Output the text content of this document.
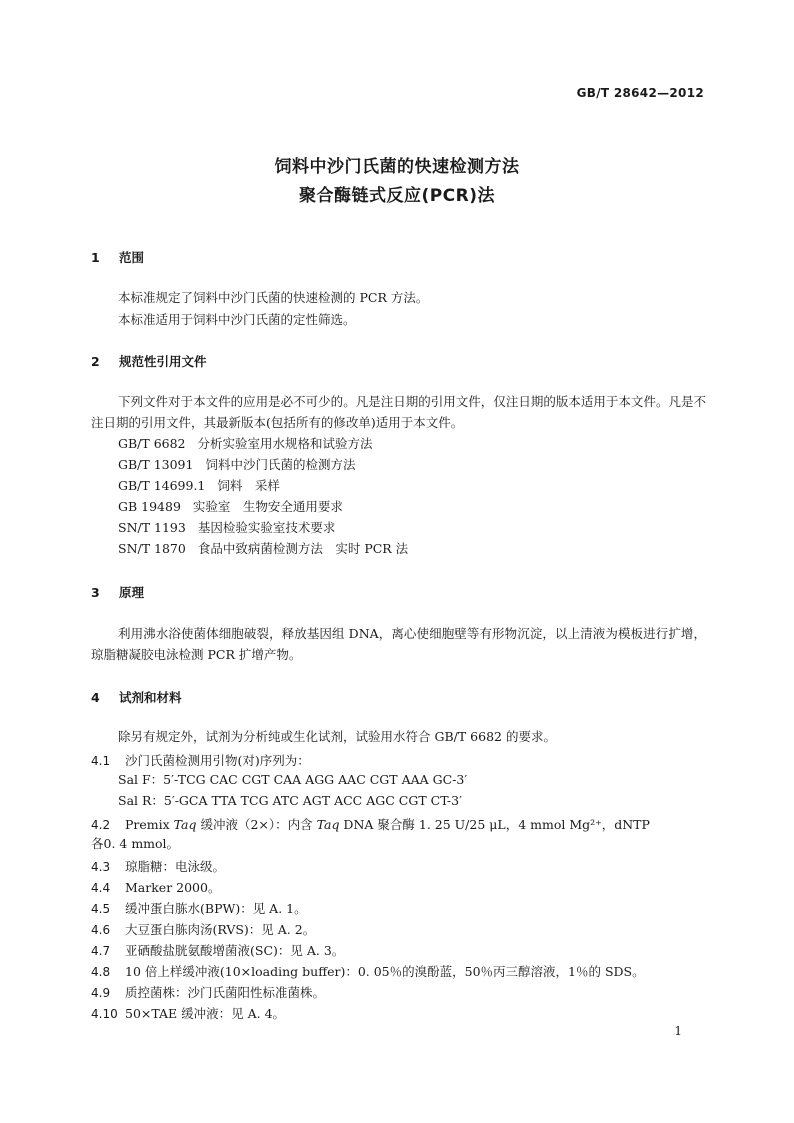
GB/T 28642—2012
饲料中沙门氏菌的快速检测方法
聚合酶链式反应(PCR)法
1 范围
本标准规定了饲料中沙门氏菌的快速检测的 PCR 方法。
本标准适用于饲料中沙门氏菌的定性筛选。
2 规范性引用文件
下列文件对于本文件的应用是必不可少的。凡是注日期的引用文件，仅注日期的版本适用于本文件。凡是不注日期的引用文件，其最新版本(包括所有的修改单)适用于本文件。
GB/T 6682 分析实验室用水规格和试验方法
GB/T 13091 饲料中沙门氏菌的检测方法
GB/T 14699.1 饲料　采样
GB 19489 实验室　生物安全通用要求
SN/T 1193 基因检验实验室技术要求
SN/T 1870 食品中致病菌检测方法　实时 PCR 法
3 原理
利用沸水浴使菌体细胞破裂，释放基因组 DNA，离心使细胞壁等有形物沉淀，以上清液为模板进行扩增，琼脂糖凝胶电泳检测 PCR 扩增产物。
4 试剂和材料
除另有规定外，试剂为分析纯或生化试剂，试验用水符合 GB/T 6682 的要求。
4.1 沙门氏菌检测用引物(对)序列为：
Sal F：5′-TCG CAC CGT CAA AGG AAC CGT AAA GC-3′
Sal R：5′-GCA TTA TCG ATC AGT ACC AGC CGT CT-3′
4.2 Premix Taq 缓冲液（2×）：内含 Taq DNA 聚合酶 1. 25 U/25 μL，4 mmol Mg²⁺，dNTP
各0. 4 mmol。
4.3 琼脂糖：电泳级。
4.4 Marker 2000。
4.5 缓冲蛋白胨水(BPW)：见 A. 1。
4.6 大豆蛋白胨肉汤(RVS)：见 A. 2。
4.7 亚硒酸盐胱氨酸增菌液(SC)：见 A. 3。
4.8 10 倍上样缓冲液(10×loading buffer)：0. 05％的溴酚蓝，50％丙三醇溶液，1％的 SDS。
4.9 质控菌株：沙门氏菌阳性标准菌株。
4.10 50×TAE 缓冲液：见 A. 4。
1
